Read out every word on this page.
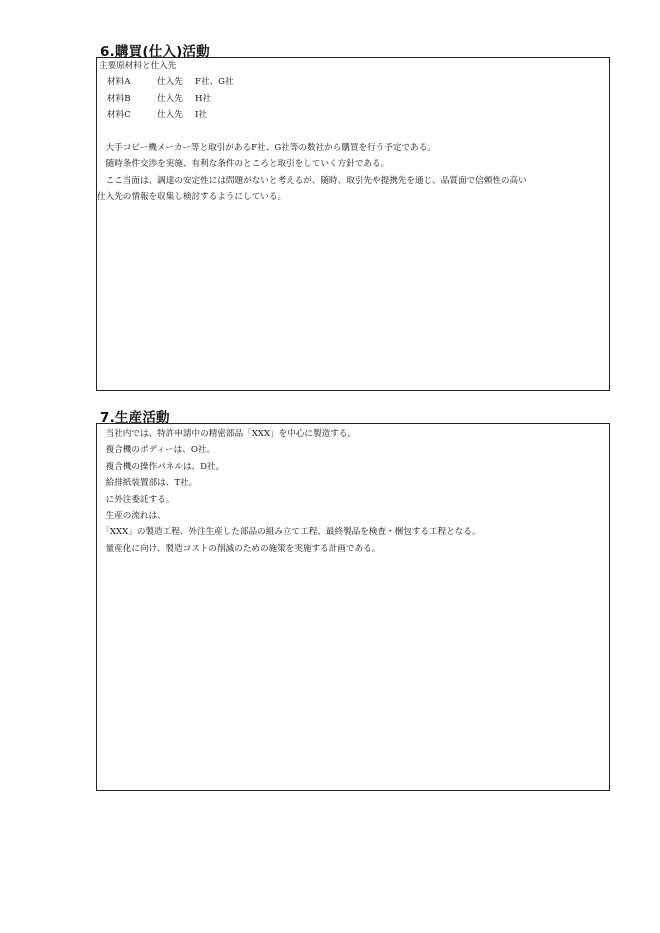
6.購買(仕入)活動
主要原材料と仕入先
材料A	仕入先	F社、G社
材料B	仕入先	H社
材料C	仕入先	I社
　大手コピー機メーカー等と取引があるF社、G社等の数社から購買を行う予定である。
　随時条件交渉を実施、有利な条件のところと取引をしていく方針である。
　ここ当面は、調達の安定性には問題がないと考えるが、随時、取引先や提携先を通じ、品質面で信頼性の高い
仕入先の情報を収集し検討するようにしている。
7.生産活動
　当社内では、特許申請中の精密部品「XXX」を中心に製造する。
　複合機のボディーは、O社。
　複合機の操作パネルは、D社。
　給排紙装置部は、T社。
　に外注委託する。
　生産の流れは、
　「XXX」の製造工程、外注生産した部品の組み立て工程、最終製品を検査・梱包する工程となる。
　量産化に向け、製造コストの削減のための施策を実施する計画である。
